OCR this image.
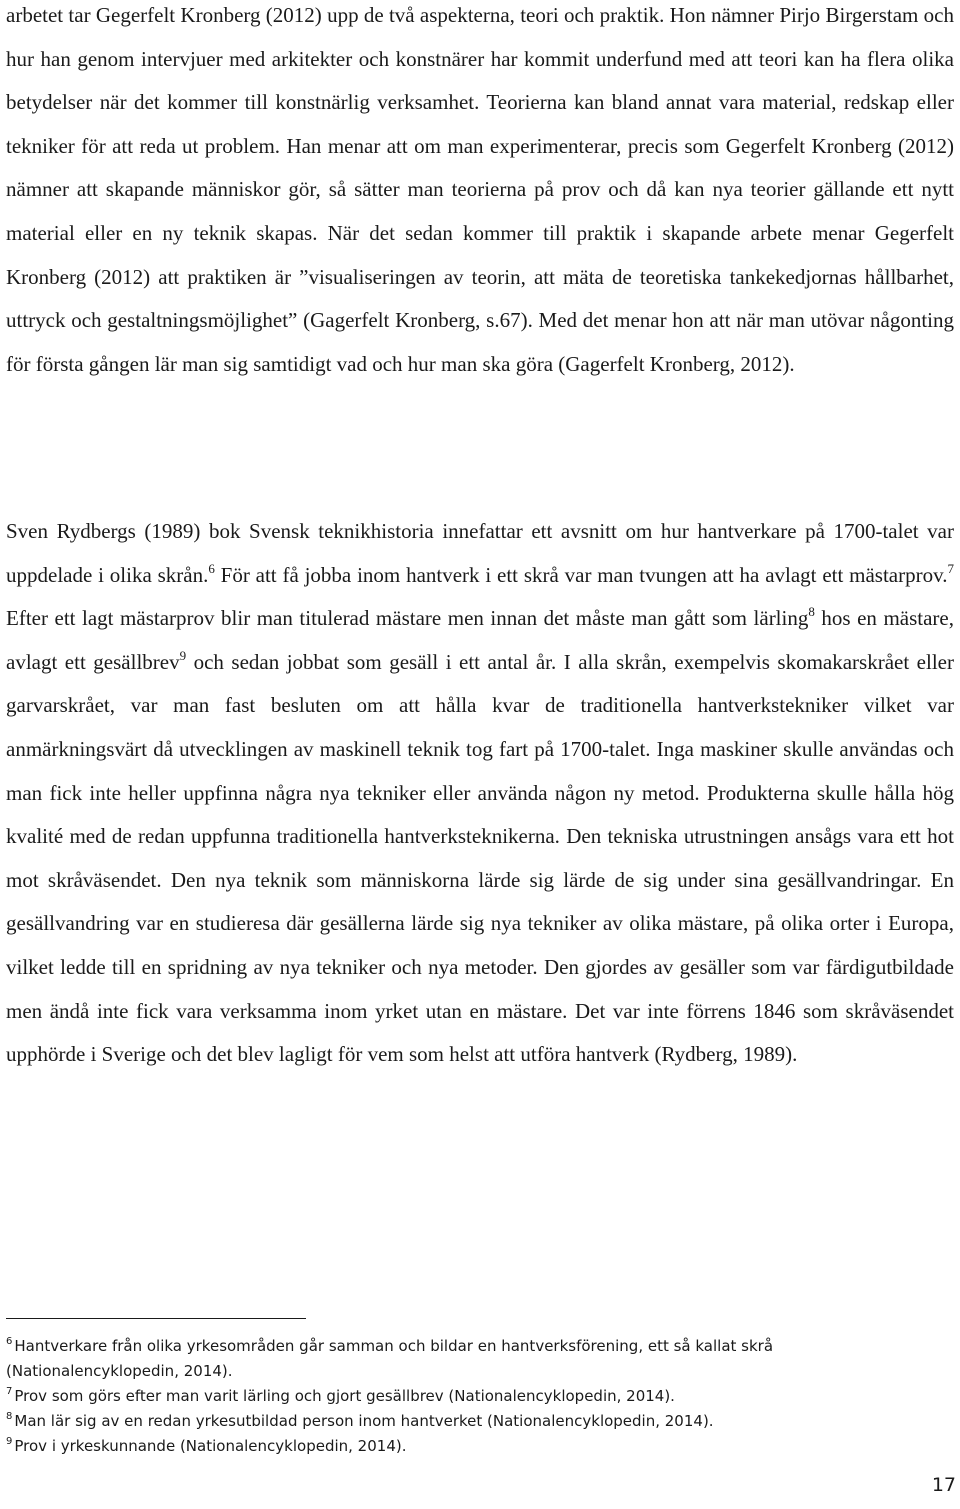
arbetet tar Gegerfelt Kronberg (2012) upp de två aspekterna, teori och praktik. Hon nämner Pirjo Birgerstam och hur han genom intervjuer med arkitekter och konstnärer har kommit underfund med att teori kan ha flera olika betydelser när det kommer till konstnärlig verksamhet. Teorierna kan bland annat vara material, redskap eller tekniker för att reda ut problem. Han menar att om man experimenterar, precis som Gegerfelt Kronberg (2012) nämner att skapande människor gör, så sätter man teorierna på prov och då kan nya teorier gällande ett nytt material eller en ny teknik skapas. När det sedan kommer till praktik i skapande arbete menar Gegerfelt Kronberg (2012) att praktiken är ”visualiseringen av teorin, att mäta de teoretiska tankekedjornas hållbarhet, uttryck och gestaltningsmöjlighet” (Gagerfelt Kronberg, s.67). Med det menar hon att när man utövar någonting för första gången lär man sig samtidigt vad och hur man ska göra (Gagerfelt Kronberg, 2012).

Sven Rydbergs (1989) bok Svensk teknikhistoria innefattar ett avsnitt om hur hantverkare på 1700-talet var uppdelade i olika skrån.$^6$ För att få jobba inom hantverk i ett skrå var man tvungen att ha avlagt ett mästarprov.$^7$ Efter ett lagt mästarprov blir man titulerad mästare men innan det måste man gått som lärling$^8$ hos en mästare, avlagt ett gesällbrev$^9$ och sedan jobbat som gesäll i ett antal år. I alla skrån, exempelvis skomakarskrået eller garvarskrået, var man fast besluten om att hålla kvar de traditionella hantverkstekniker vilket var anmärkningsvärt då utvecklingen av maskinell teknik tog fart på 1700-talet. Inga maskiner skulle användas och man fick inte heller uppfinna några nya tekniker eller använda någon ny metod. Produkterna skulle hålla hög kvalité med de redan uppfunna traditionella hantverksteknikerna. Den tekniska utrustningen ansågs vara ett hot mot skråväsendet. Den nya teknik som människorna lärde sig lärde de sig under sina gesällvandringar. En gesällvandring var en studieresa där gesällerna lärde sig nya tekniker av olika mästare, på olika orter i Europa, vilket ledde till en spridning av nya tekniker och nya metoder. Den gjordes av gesäller som var färdigutbildade men ändå inte fick vara verksamma inom yrket utan en mästare. Det var inte förrens 1846 som skråväsendet upphörde i Sverige och det blev lagligt för vem som helst att utföra hantverk (Rydberg, 1989).

$^6$ Hantverkare från olika yrkesområden går samman och bildar en hantverksförening, ett så kallat skrå (Nationalencyklopedin, 2014).

$^7$ Prov som görs efter man varit lärling och gjort gesällbrev (Nationalencyklopedin, 2014).

$^8$ Man lär sig av en redan yrkesutbildad person inom hantverket (Nationalencyklopedin, 2014).

$^9$ Prov i yrkeskunnande (Nationalencyklopedin, 2014).

17
